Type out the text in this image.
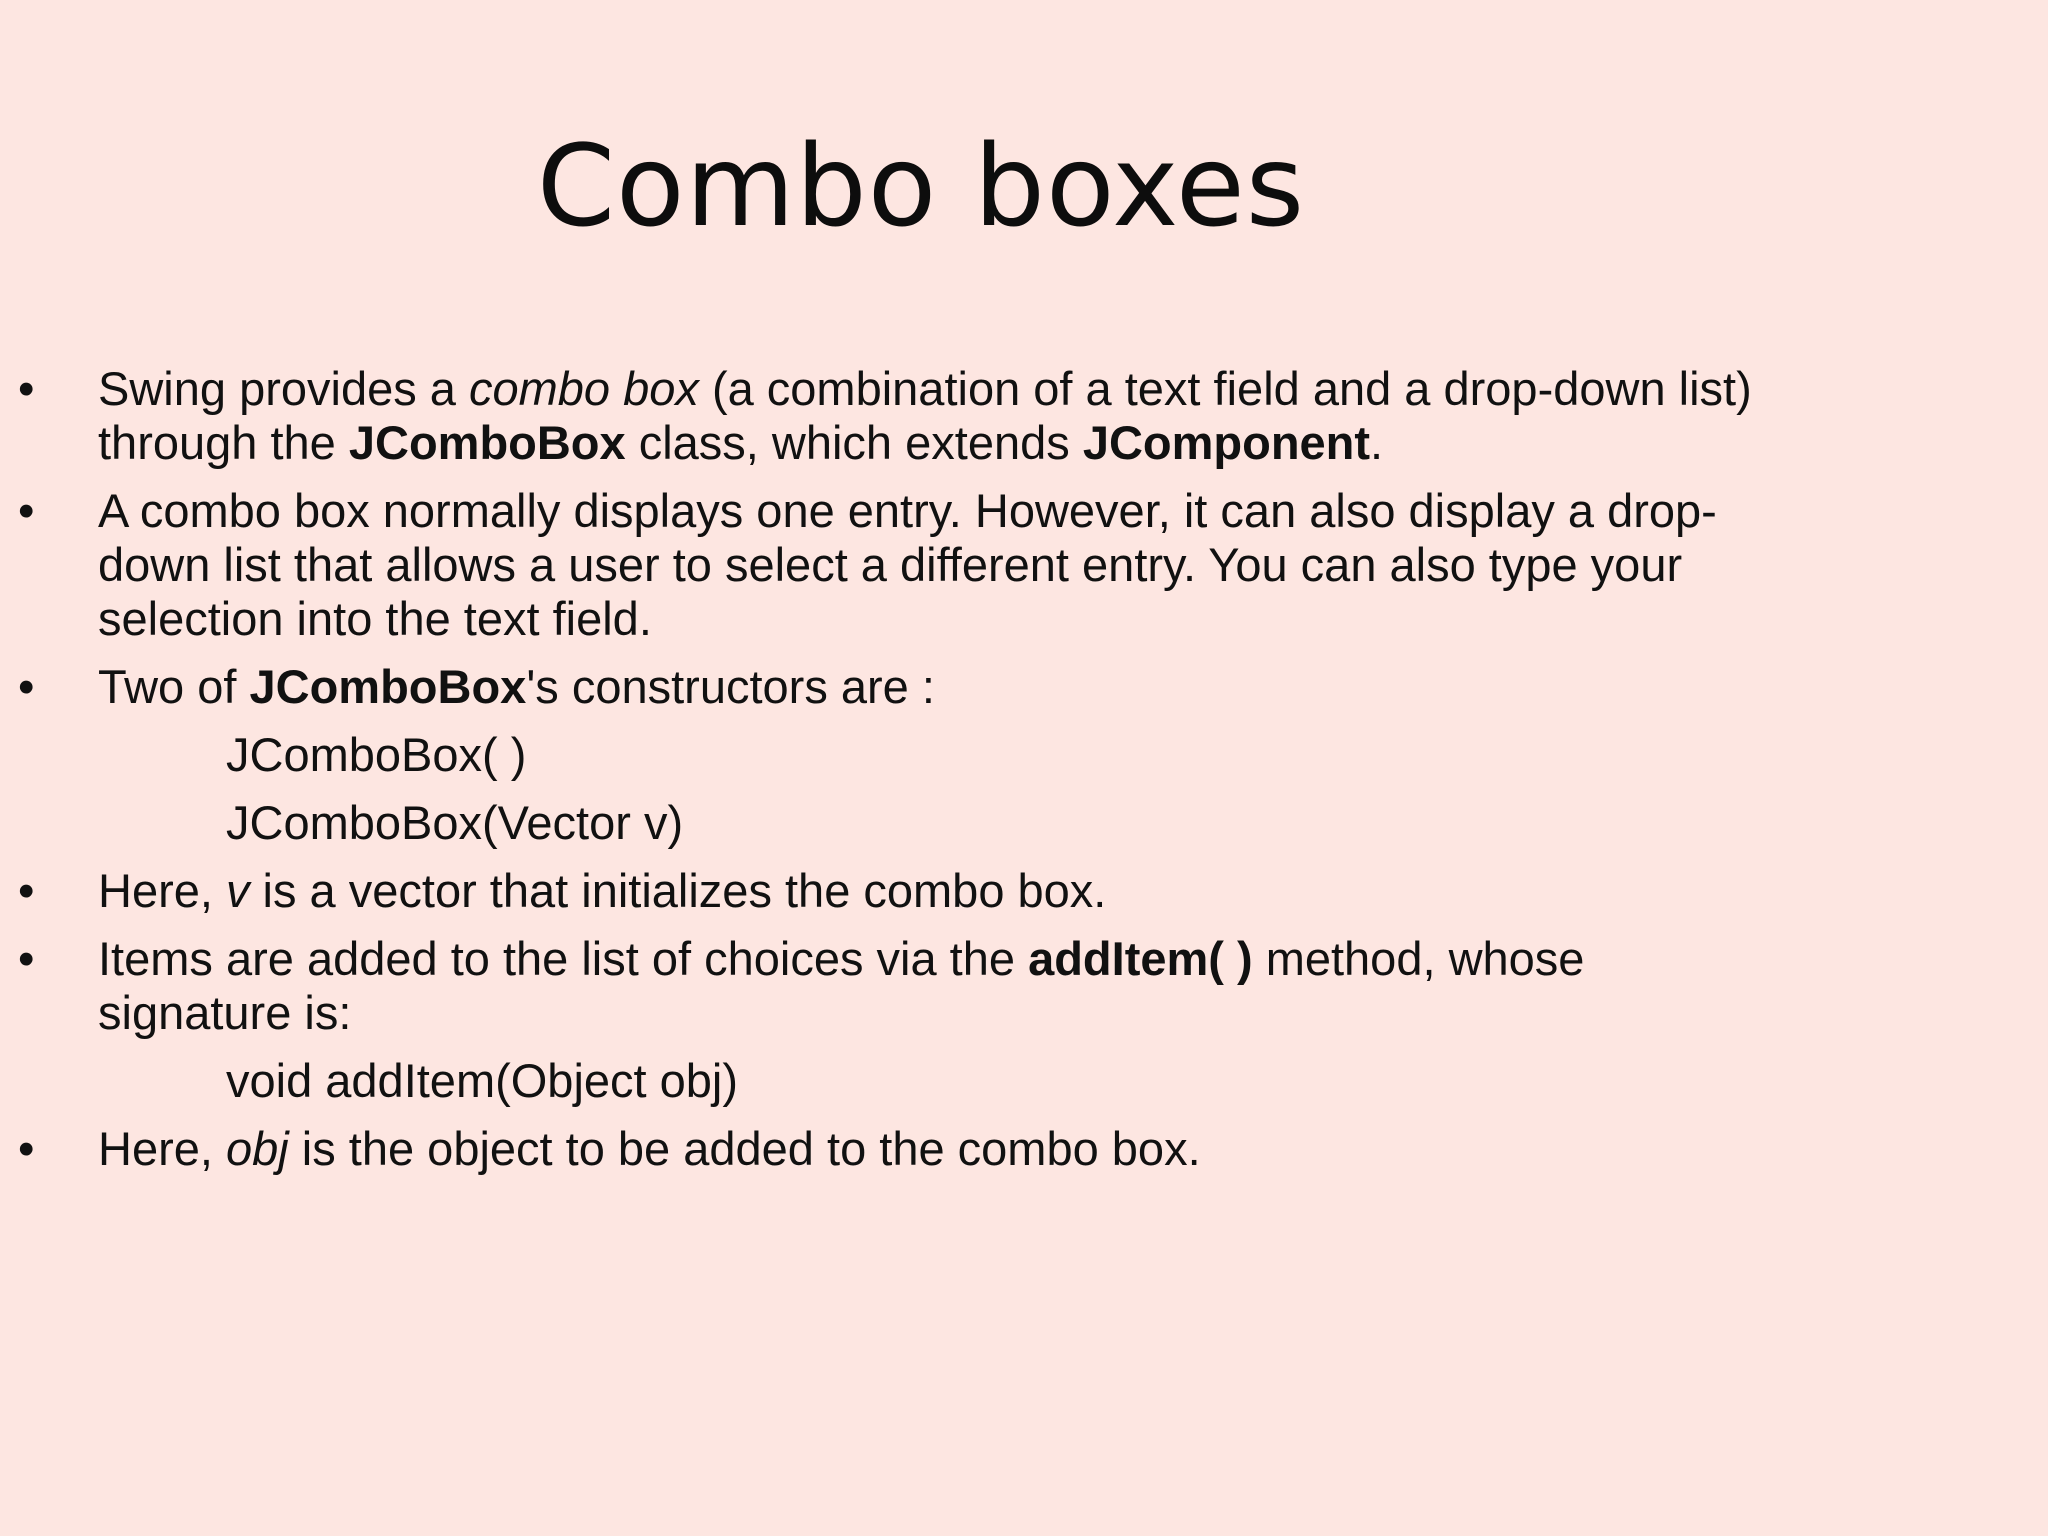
Combo boxes
• Swing provides a combo box (a combination of a text field and a drop-down list) through the JComboBox class, which extends JComponent.
• A combo box normally displays one entry. However, it can also display a drop-down list that allows a user to select a different entry. You can also type your selection into the text field.
• Two of JComboBox's constructors are :
JComboBox( )
JComboBox(Vector v)
• Here, v is a vector that initializes the combo box.
• Items are added to the list of choices via the addItem( ) method, whose signature is:
void addItem(Object obj)
• Here, obj is the object to be added to the combo box.
